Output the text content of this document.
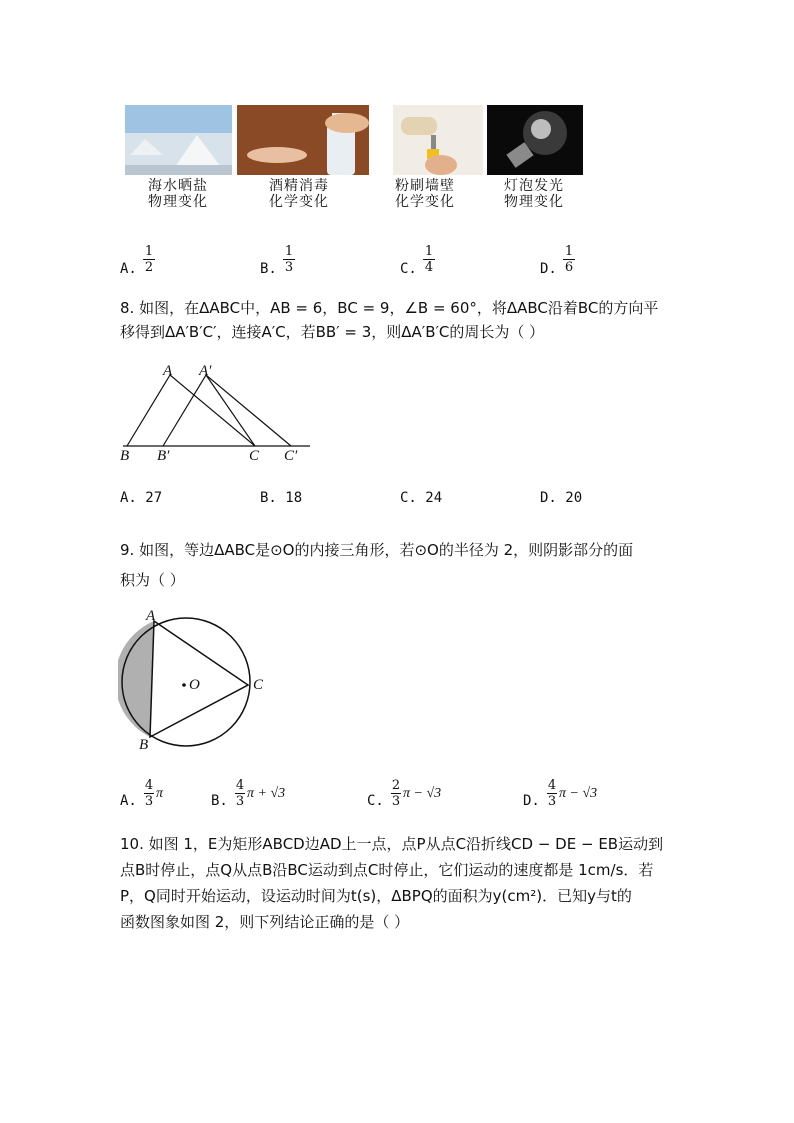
海水晒盐
物理变化
酒精消毒
化学变化
粉刷墙壁
化学变化
灯泡发光
物理变化
A.
1
2	B.
1
3	C.
1
4	D.
1
6
8. 如图，在ΔABC中，AB = 6，BC = 9，∠B = 60°，将ΔABC沿着BC的方向平
移得到ΔA′B′C′，连接A′C，若BB′ = 3，则ΔA′B′C的周长为（ ）
A A′
B B′	C C′
A. 27	B. 18	C. 24	D. 20
9. 如图，等边ΔABC是⊙O的内接三角形，若⊙O的半径为 2，则阴影部分的面
积为（ ）
A
B
C
O
A.
4
3
π	B.
4
3
π + √3	C.
2
3
π − √3	D.
4
3
π − √3
10. 如图 1，E为矩形ABCD边AD上一点，点P从点C沿折线CD − DE − EB运动到
点B时停止，点Q从点B沿BC运动到点C时停止，它们运动的速度都是 1cm/s．若
P，Q同时开始运动，设运动时间为t(s)，ΔBPQ的面积为y(cm²)．已知y与t的
函数图象如图 2，则下列结论正确的是（ ）
